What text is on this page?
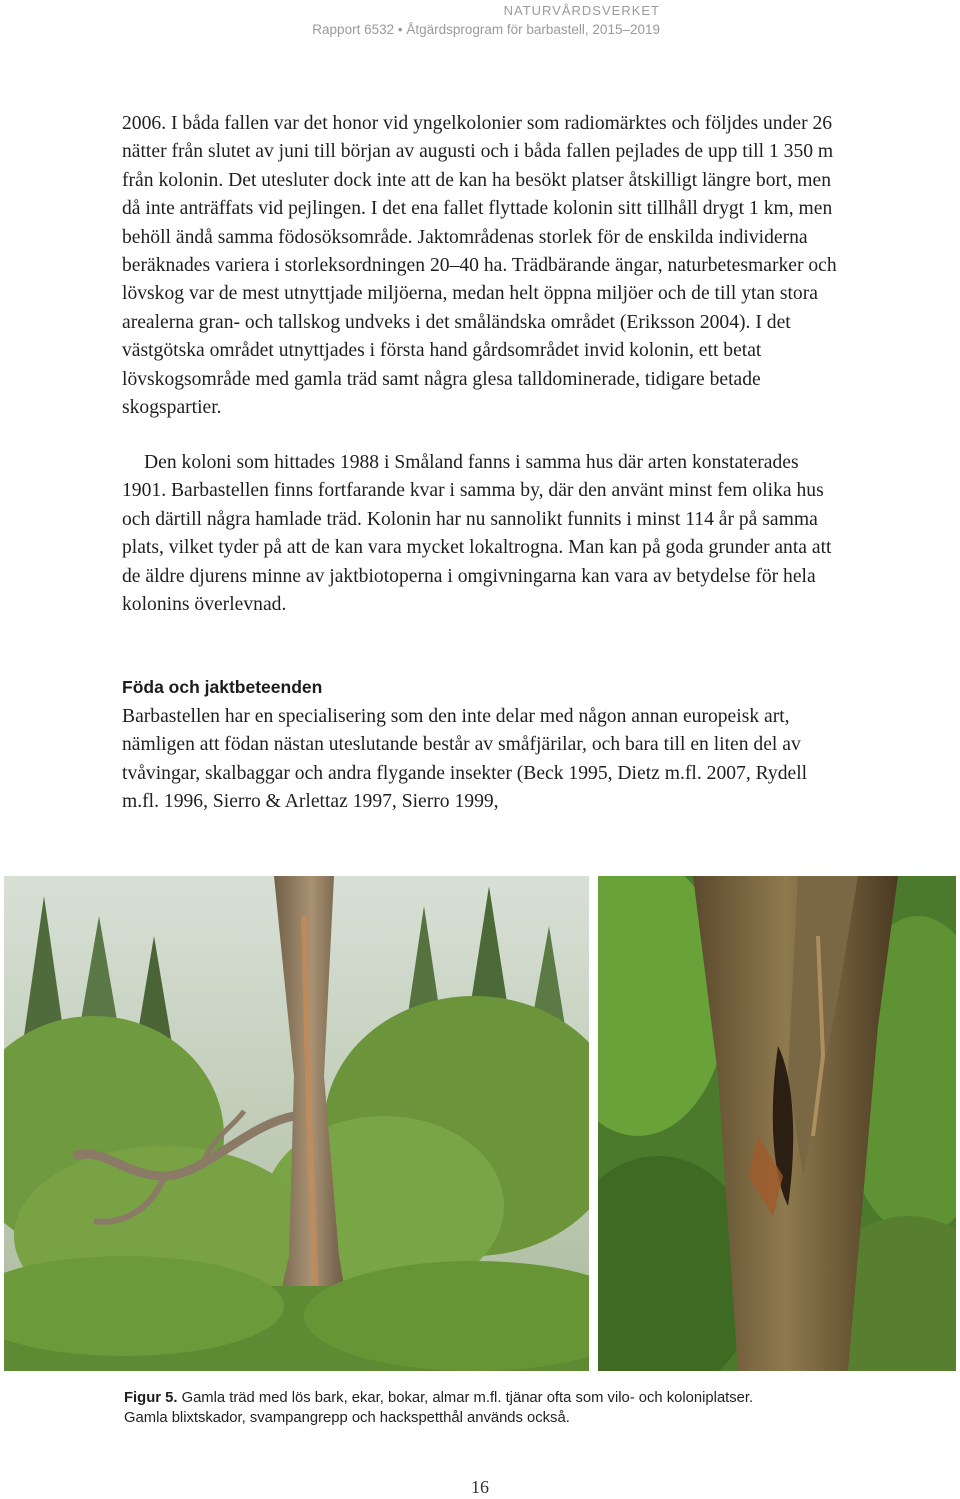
NATURVÅRDSVERKET
Rapport 6532 • Åtgärdsprogram för barbastell, 2015–2019

2006. I båda fallen var det honor vid yngelkolonier som radiomärktes och följdes under 26 nätter från slutet av juni till början av augusti och i båda fallen pejlades de upp till 1 350 m från kolonin. Det utesluter dock inte att de kan ha besökt platser åtskilligt längre bort, men då inte anträffats vid pejlingen. I det ena fallet flyttade kolonin sitt tillhåll drygt 1 km, men behöll ändå samma födosöksområde. Jaktområdenas storlek för de enskilda individerna beräknades variera i storleksordningen 20–40 ha. Trädbärande ängar, naturbetesmarker och lövskog var de mest utnyttjade miljöerna, medan helt öppna miljöer och de till ytan stora arealerna gran- och tallskog undveks i det småländska området (Eriksson 2004). I det västgötska området utnyttjades i första hand gårdsområdet invid kolonin, ett betat lövskogsområde med gamla träd samt några glesa talldominerade, tidigare betade skogspartier.

Den koloni som hittades 1988 i Småland fanns i samma hus där arten konstaterades 1901. Barbastellen finns fortfarande kvar i samma by, där den använt minst fem olika hus och därtill några hamlade träd. Kolonin har nu sannolikt funnits i minst 114 år på samma plats, vilket tyder på att de kan vara mycket lokaltrogna. Man kan på goda grunder anta att de äldre djurens minne av jaktbiotoperna i omgivningarna kan vara av betydelse för hela kolonins överlevnad.

Föda och jaktbeteenden

Barbastellen har en specialisering som den inte delar med någon annan europeisk art, nämligen att födan nästan uteslutande består av småfjärilar, och bara till en liten del av tvåvingar, skalbaggar och andra flygande insekter (Beck 1995, Dietz m.fl. 2007, Rydell m.fl. 1996, Sierro & Arlettaz 1997, Sierro 1999,

Figur 5. Gamla träd med lös bark, ekar, bokar, almar m.fl. tjänar ofta som vilo- och koloniplatser.
Gamla blixtskador, svampangrepp och hackspetthål används också.
16
